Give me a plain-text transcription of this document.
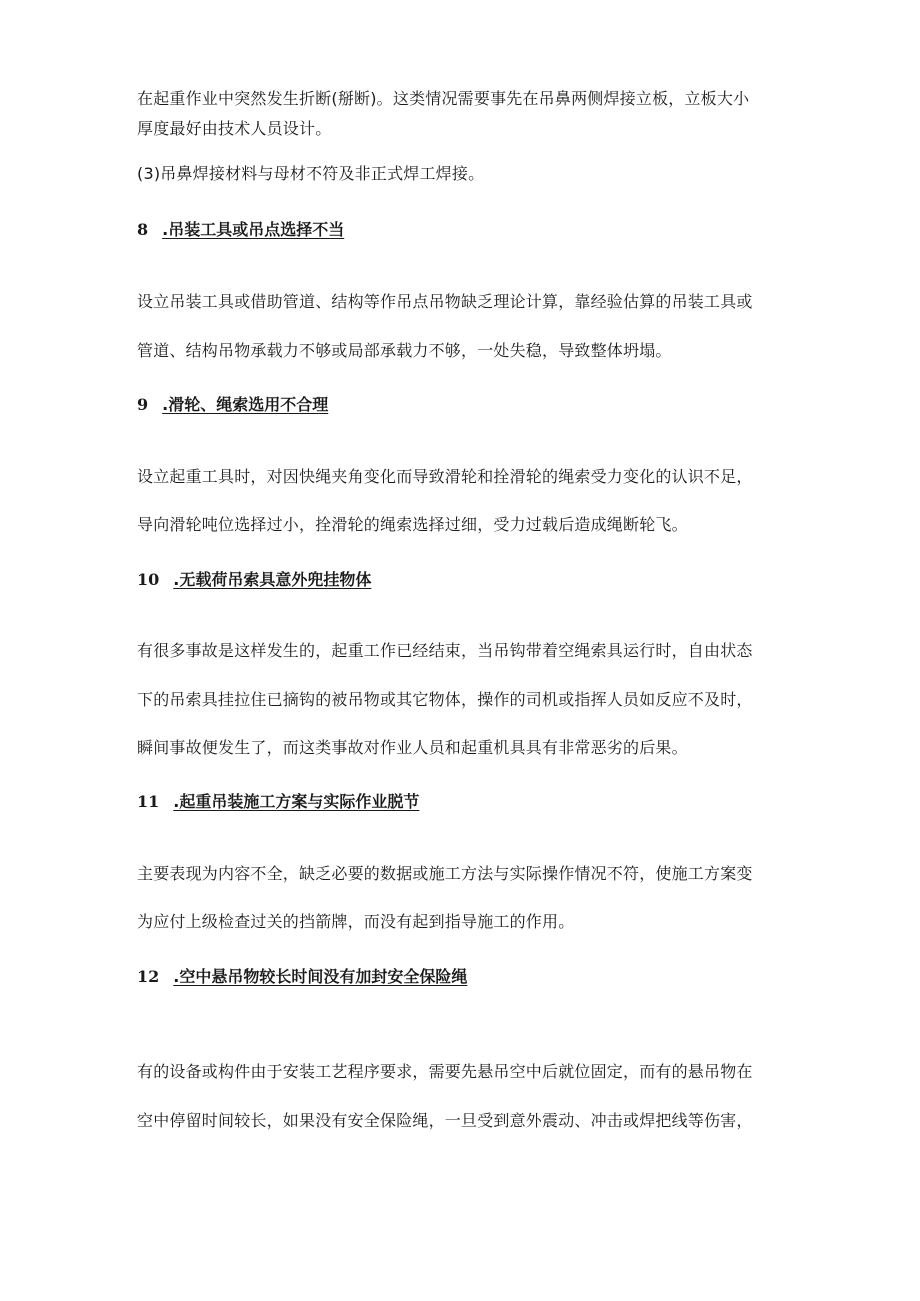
在起重作业中突然发生折断(掰断)。这类情况需要事先在吊鼻两侧焊接立板，立板大小
厚度最好由技术人员设计。
(3)吊鼻焊接材料与母材不符及非正式焊工焊接。
8 .吊装工具或吊点选择不当
设立吊装工具或借助管道、结构等作吊点吊物缺乏理论计算，靠经验估算的吊装工具或
管道、结构吊物承载力不够或局部承载力不够，一处失稳，导致整体坍塌。
9 .滑轮、绳索选用不合理
设立起重工具时，对因快绳夹角变化而导致滑轮和拴滑轮的绳索受力变化的认识不足，
导向滑轮吨位选择过小，拴滑轮的绳索选择过细，受力过载后造成绳断轮飞。
10 .无载荷吊索具意外兜挂物体
有很多事故是这样发生的，起重工作已经结束，当吊钩带着空绳索具运行时，自由状态
下的吊索具挂拉住已摘钩的被吊物或其它物体，操作的司机或指挥人员如反应不及时，
瞬间事故便发生了，而这类事故对作业人员和起重机具具有非常恶劣的后果。
11 .起重吊装施工方案与实际作业脱节
主要表现为内容不全，缺乏必要的数据或施工方法与实际操作情况不符，使施工方案变
为应付上级检查过关的挡箭牌，而没有起到指导施工的作用。
12 .空中悬吊物较长时间没有加封安全保险绳
有的设备或构件由于安装工艺程序要求，需要先悬吊空中后就位固定，而有的悬吊物在
空中停留时间较长，如果没有安全保险绳，一旦受到意外震动、冲击或焊把线等伤害，
